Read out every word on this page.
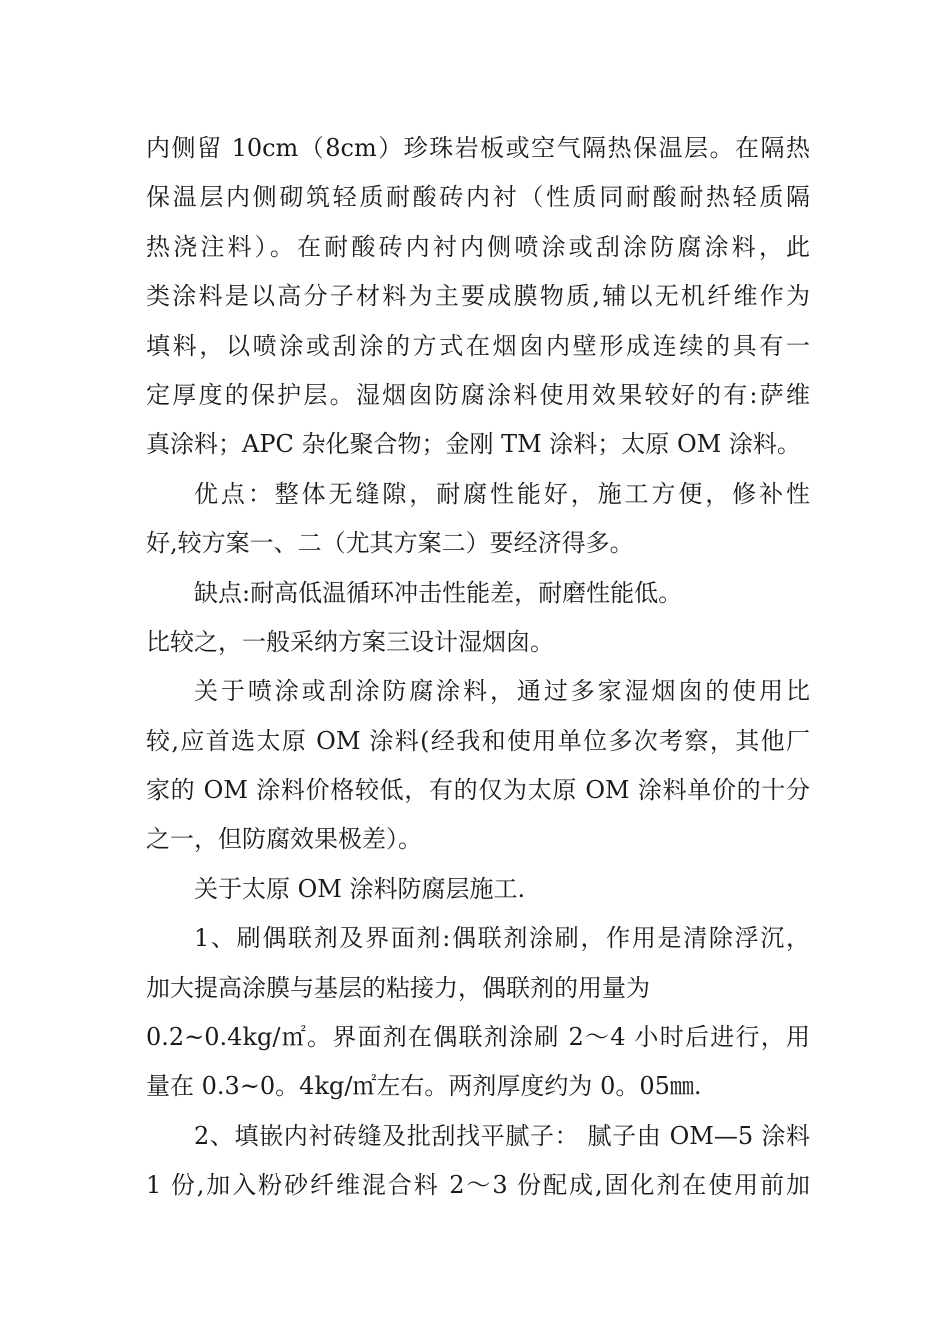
内侧留 10cm（8cm）珍珠岩板或空气隔热保温层。在隔热
保温层内侧砌筑轻质耐酸砖内衬（性质同耐酸耐热轻质隔
热浇注料）。在耐酸砖内衬内侧喷涂或刮涂防腐涂料，此
类涂料是以高分子材料为主要成膜物质,辅以无机纤维作为
填料，以喷涂或刮涂的方式在烟囱内壁形成连续的具有一
定厚度的保护层。湿烟囱防腐涂料使用效果较好的有:萨维
真涂料；APC 杂化聚合物；金刚 TM 涂料；太原 OM 涂料。
优点：整体无缝隙，耐腐性能好，施工方便，修补性
好,较方案一、二（尤其方案二）要经济得多。
缺点:耐高低温循环冲击性能差，耐磨性能低。
比较之，一般采纳方案三设计湿烟囱。
关于喷涂或刮涂防腐涂料，通过多家湿烟囱的使用比
较,应首选太原 OM 涂料(经我和使用单位多次考察，其他厂
家的 OM 涂料价格较低，有的仅为太原 OM 涂料单价的十分
之一，但防腐效果极差）。
关于太原 OM 涂料防腐层施工.
1、刷偶联剂及界面剂:偶联剂涂刷，作用是清除浮沉，
加大提高涂膜与基层的粘接力，偶联剂的用量为
0.2~0.4kg/㎡。界面剂在偶联剂涂刷 2～4 小时后进行，用
量在 0.3~0。4kg/㎡左右。两剂厚度约为 0。05㎜.
2、填嵌内衬砖缝及批刮找平腻子： 腻子由 OM—5 涂料
1 份,加入粉砂纤维混合料 2～3 份配成,固化剂在使用前加
